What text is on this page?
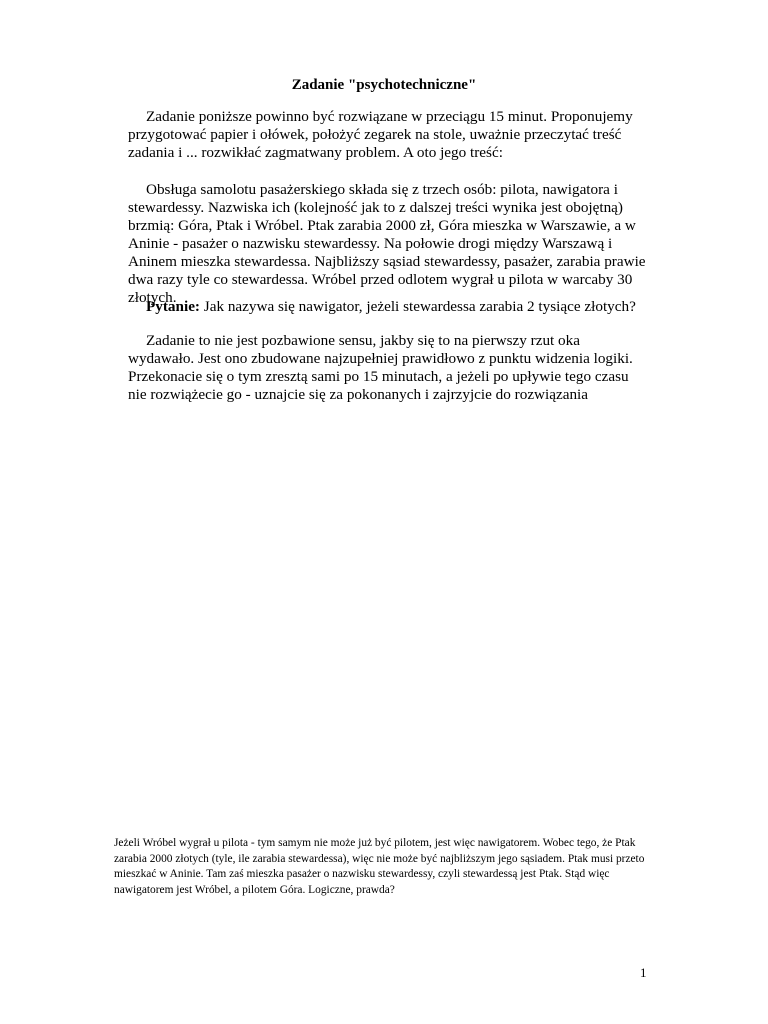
Zadanie "psychotechniczne"

Zadanie poniższe powinno być rozwiązane w przeciągu 15 minut. Proponujemy przygotować papier i ołówek, położyć zegarek na stole, uważnie przeczytać treść zadania i ... rozwikłać zagmatwany problem. A oto jego treść:

Obsługa samolotu pasażerskiego składa się z trzech osób: pilota, nawigatora i stewardessy. Nazwiska ich (kolejność jak to z dalszej treści wynika jest obojętną) brzmią: Góra, Ptak i Wróbel. Ptak zarabia 2000 zł, Góra mieszka w Warszawie, a w Aninie - pasażer o nazwisku stewardessy. Na połowie drogi między Warszawą i Aninem mieszka stewardessa. Najbliższy sąsiad stewardessy, pasażer, zarabia prawie dwa razy tyle co stewardessa. Wróbel przed odlotem wygrał u pilota w warcaby 30 złotych.

Pytanie: Jak nazywa się nawigator, jeżeli stewardessa zarabia 2 tysiące złotych?

Zadanie to nie jest pozbawione sensu, jakby się to na pierwszy rzut oka wydawało. Jest ono zbudowane najzupełniej prawidłowo z punktu widzenia logiki. Przekonacie się o tym zresztą sami po 15 minutach, a jeżeli po upływie tego czasu nie rozwiążecie go - uznajcie się za pokonanych i zajrzyjcie do rozwiązania

Jeżeli Wróbel wygrał u pilota - tym samym nie może już być pilotem, jest więc nawigatorem. Wobec tego, że Ptak zarabia 2000 złotych (tyle, ile zarabia stewardessa), więc nie może być najbliższym jego sąsiadem. Ptak musi przeto mieszkać w Aninie. Tam zaś mieszka pasażer o nazwisku stewardessy, czyli stewardessą jest Ptak. Stąd więc nawigatorem jest Wróbel, a pilotem Góra. Logiczne, prawda?

1
